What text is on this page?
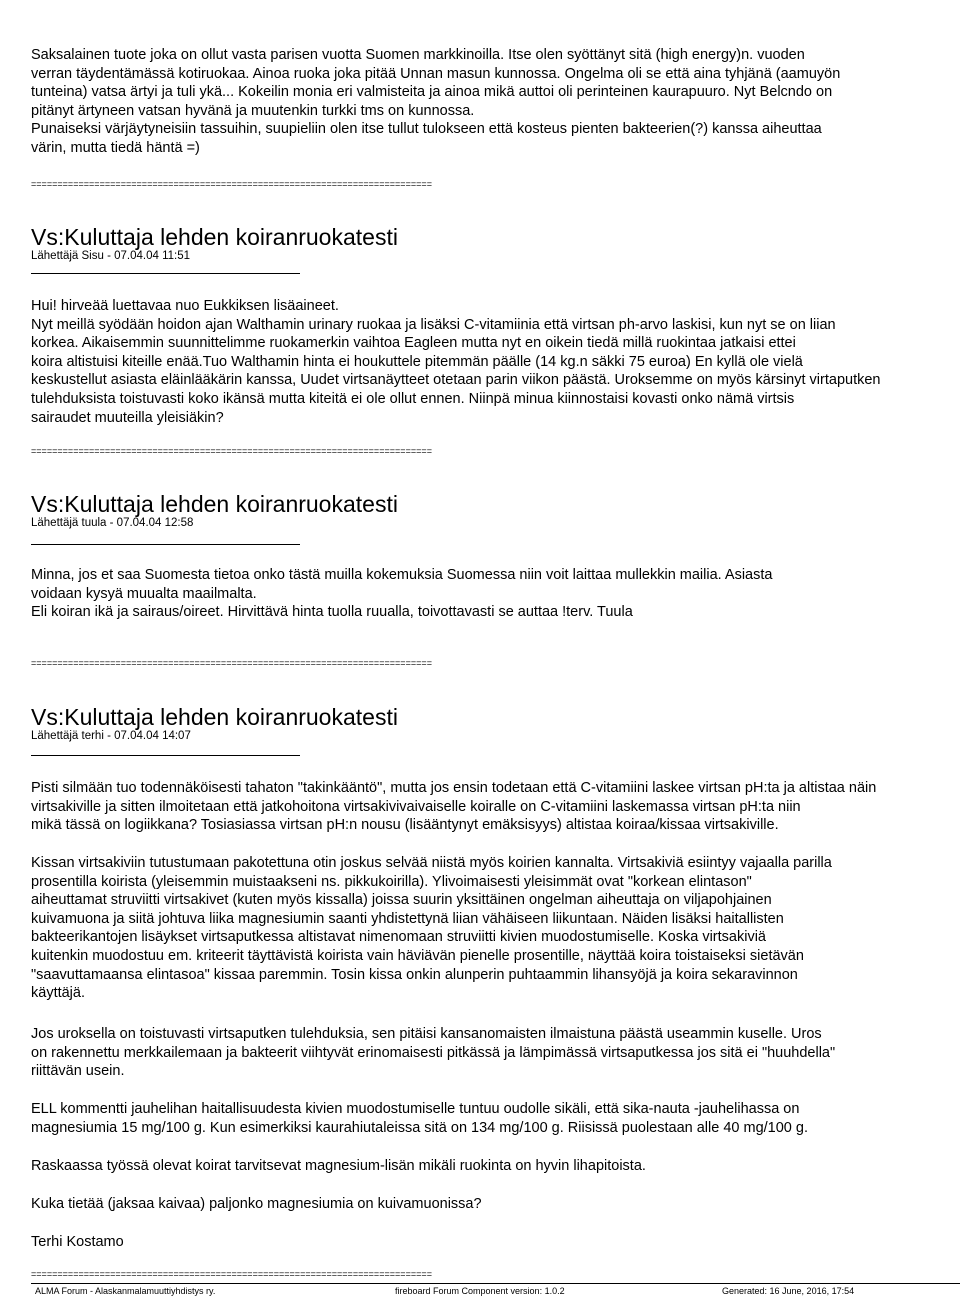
Saksalainen tuote joka on ollut vasta parisen vuotta Suomen markkinoilla. Itse olen syöttänyt sitä (high energy)n. vuoden
verran täydentämässä kotiruokaa. Ainoa ruoka joka pitää Unnan masun kunnossa. Ongelma oli se että aina tyhjänä (aamuyön
tunteina) vatsa ärtyi ja tuli ykä... Kokeilin monia eri valmisteita ja ainoa mikä auttoi oli perinteinen kaurapuuro. Nyt Belcndo on
pitänyt ärtyneen vatsan hyvänä ja muutenkin turkki tms on kunnossa.
Punaiseksi värjäytyneisiin tassuihin, suupieliin olen itse tullut tulokseen että kosteus pienten bakteerien(?) kanssa aiheuttaa
värin, mutta tiedä häntä =)

============================================================================
Vs:Kuluttaja lehden koiranruokatesti
Lähettäjä Sisu - 07.04.04 11:51

Hui! hirveää luettavaa nuo Eukkiksen lisäaineet.
Nyt meillä syödään hoidon ajan Walthamin urinary ruokaa ja lisäksi C-vitamiinia että virtsan ph-arvo laskisi, kun nyt se on liian
korkea. Aikaisemmin suunnittelimme ruokamerkin vaihtoa Eagleen mutta nyt en oikein tiedä millä ruokintaa jatkaisi ettei
koira altistuisi kiteille enää.Tuo Walthamin hinta ei houkuttele pitemmän päälle (14 kg.n säkki 75 euroa) En kyllä ole vielä
keskustellut asiasta eläinlääkärin kanssa, Uudet virtsanäytteet otetaan parin viikon päästä. Uroksemme on myös kärsinyt virtaputken
tulehduksista toistuvasti koko ikänsä mutta kiteitä ei ole ollut ennen. Niinpä minua kiinnostaisi kovasti onko nämä virtsis
sairaudet muuteilla yleisiäkin?

============================================================================
Vs:Kuluttaja lehden koiranruokatesti
Lähettäjä tuula - 07.04.04 12:58

Minna, jos et saa Suomesta tietoa onko tästä muilla kokemuksia Suomessa niin voit laittaa mullekkin mailia. Asiasta
voidaan kysyä muualta maailmalta.
Eli koiran ikä ja sairaus/oireet. Hirvittävä hinta tuolla ruualla, toivottavasti se auttaa !terv. Tuula

============================================================================
Vs:Kuluttaja lehden koiranruokatesti
Lähettäjä terhi - 07.04.04 14:07

Pisti silmään tuo todennäköisesti tahaton "takinkääntö", mutta jos ensin todetaan että C-vitamiini laskee virtsan pH:ta ja altistaa näin
virtsakiville ja sitten ilmoitetaan että jatkohoitona virtsakivivaivaiselle koiralle on C-vitamiini laskemassa virtsan pH:ta niin
mikä tässä on logiikkana? Tosiasiassa virtsan pH:n nousu (lisääntynyt emäksisyys) altistaa koiraa/kissaa virtsakiville.

Kissan virtsakiviin tutustumaan pakotettuna otin joskus selvää niistä myös koirien kannalta. Virtsakiviä esiintyy vajaalla parilla
prosentilla koirista (yleisemmin muistaakseni ns. pikkukoirilla). Ylivoimaisesti yleisimmät ovat "korkean elintason"
aiheuttamat struviitti virtsakivet (kuten myös kissalla) joissa suurin yksittäinen ongelman aiheuttaja on viljapohjainen
kuivamuona ja siitä johtuva liika magnesiumin saanti yhdistettynä liian vähäiseen liikuntaan. Näiden lisäksi haitallisten
bakteerikantojen lisäykset virtsaputkessa altistavat nimenomaan struviitti kivien muodostumiselle. Koska virtsakiviä
kuitenkin muodostuu em. kriteerit täyttävistä koirista vain häviävän pienelle prosentille, näyttää koira toistaiseksi sietävän
"saavuttamaansa elintasoa" kissaa paremmin. Tosin kissa onkin alunperin puhtaammin lihansyöjä ja koira sekaravinnon
käyttäjä.

Jos uroksella on toistuvasti virtsaputken tulehduksia, sen pitäisi kansanomaisten ilmaistuna päästä useammin kuselle. Uros
on rakennettu merkkailemaan ja bakteerit viihtyvät erinomaisesti pitkässä ja lämpimässä virtsaputkessa jos sitä ei "huuhdella"
riittävän usein.

ELL kommentti jauhelihan haitallisuudesta kivien muodostumiselle tuntuu oudolle sikäli, että sika-nauta -jauhelihassa on
magnesiumia 15 mg/100 g. Kun esimerkiksi kaurahiutaleissa sitä on 134 mg/100 g. Riisissä puolestaan alle 40 mg/100 g.

Raskaassa työssä olevat koirat tarvitsevat magnesium-lisän mikäli ruokinta on hyvin lihapitoista.

Kuka tietää (jaksaa kaivaa) paljonko magnesiumia on kuivamuonissa?

Terhi Kostamo

============================================================================
ALMA Forum - Alaskanmalamuuttiyhdistys ry.	fireboard Forum Component version: 1.0.2	Generated: 16 June, 2016, 17:54
